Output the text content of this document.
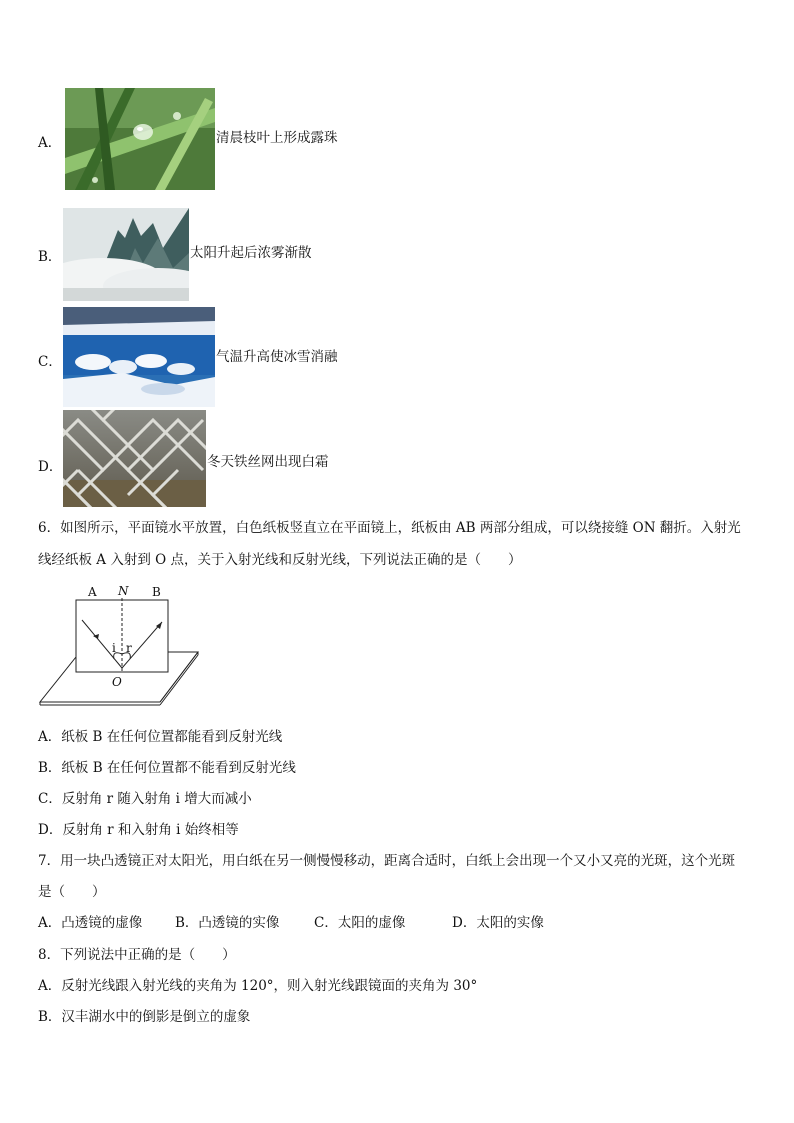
A．	清晨枝叶上形成露珠
B．	太阳升起后浓雾渐散
C．	气温升高使冰雪消融
D．	冬天铁丝网出现白霜
6．如图所示，平面镜水平放置，白色纸板竖直立在平面镜上，纸板由 AB 两部分组成，可以绕接缝 ON 翻折。入射光
线经纸板 A 入射到 O 点，关于入射光线和反射光线，下列说法正确的是（　　）
A N B
i r
O
A．纸板 B 在任何位置都能看到反射光线
B．纸板 B 在任何位置都不能看到反射光线
C．反射角 r 随入射角 i 增大而减小
D．反射角 r 和入射角 i 始终相等
7．用一块凸透镜正对太阳光，用白纸在另一侧慢慢移动，距离合适时，白纸上会出现一个又小又亮的光斑，这个光斑
是（　　）
A．凸透镜的虚像 B．凸透镜的实像	C．太阳的虚像	D．太阳的实像
8．下列说法中正确的是（　　）
A．反射光线跟入射光线的夹角为 120°，则入射光线跟镜面的夹角为 30°
B．汉丰湖水中的倒影是倒立的虚象
